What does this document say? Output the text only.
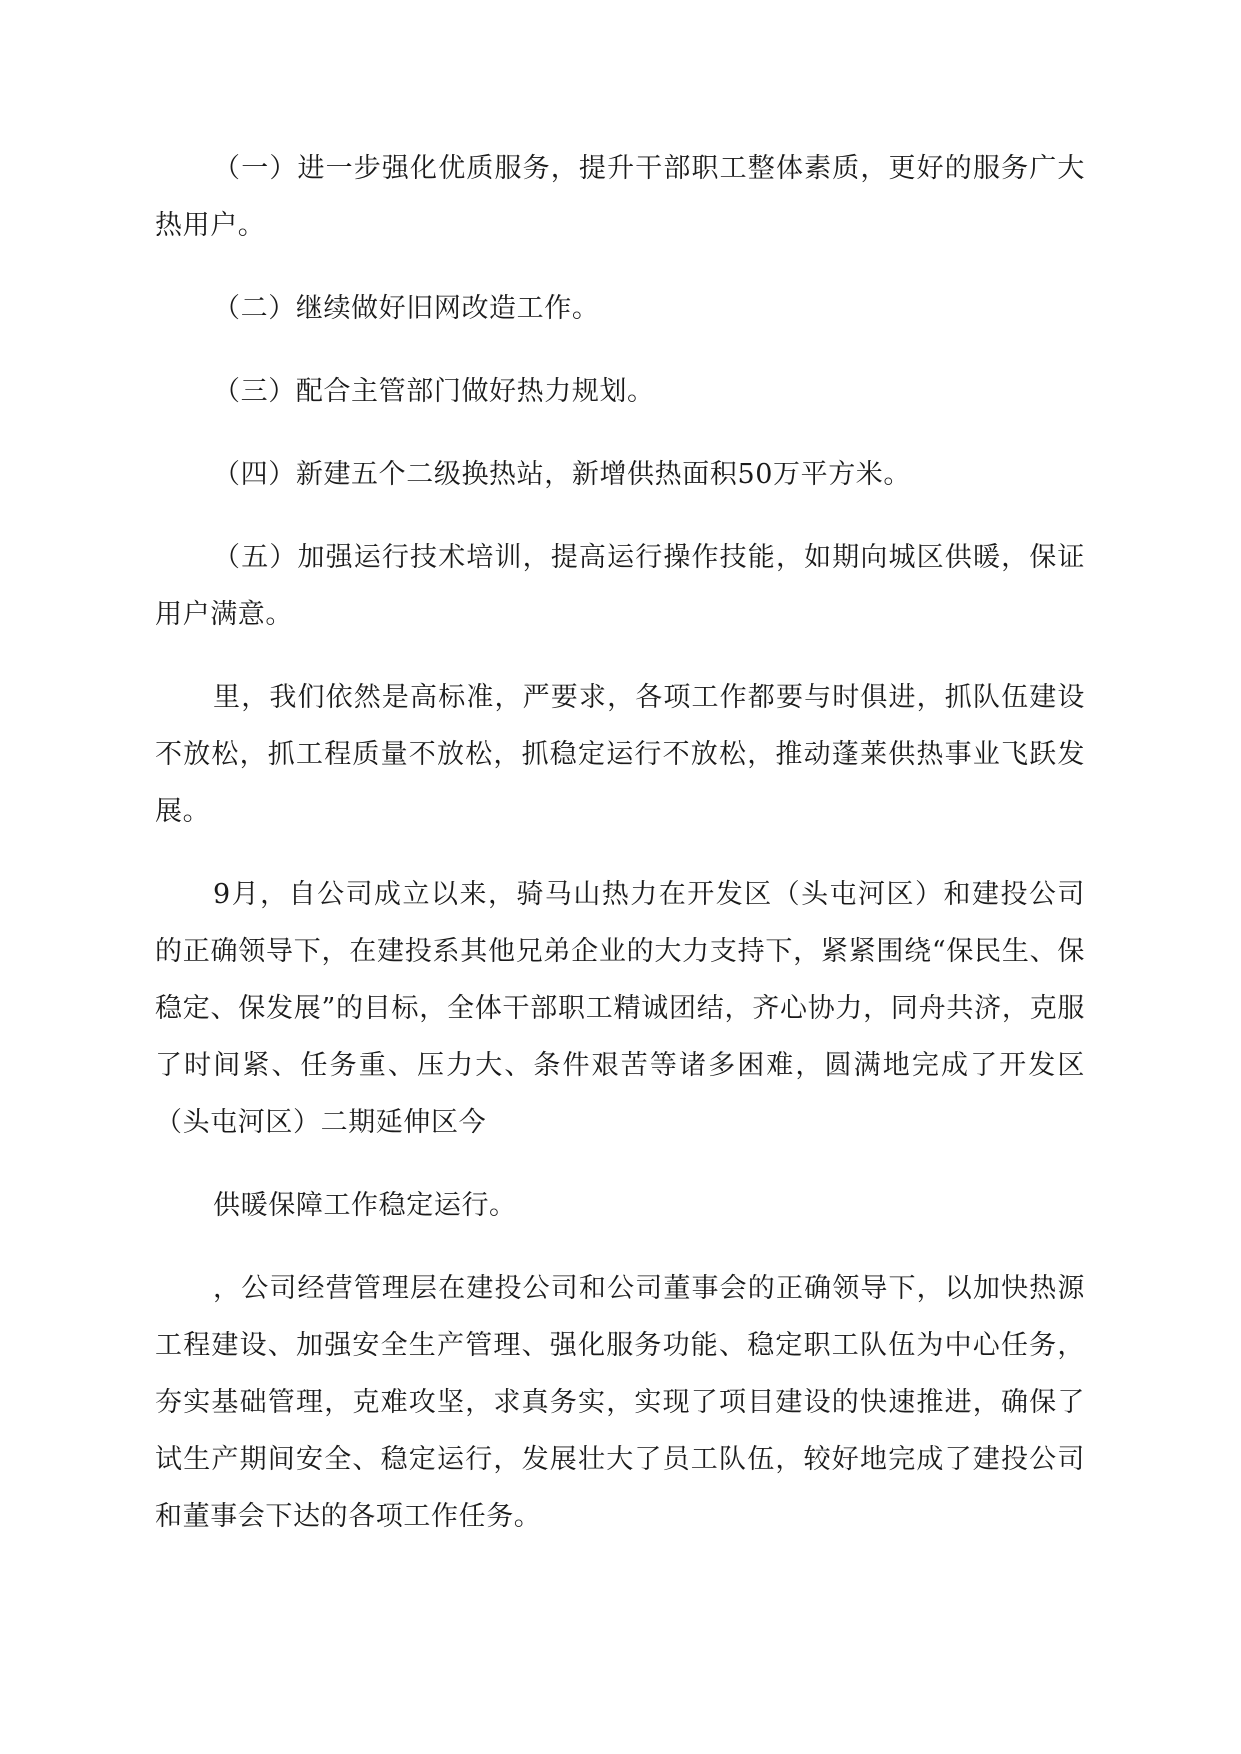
（一）进一步强化优质服务，提升干部职工整体素质，更好的服务广大热用户。

（二）继续做好旧网改造工作。

（三）配合主管部门做好热力规划。

（四）新建五个二级换热站，新增供热面积50万平方米。

（五）加强运行技术培训，提高运行操作技能，如期向城区供暖，保证用户满意。

里，我们依然是高标准，严要求，各项工作都要与时俱进，抓队伍建设不放松，抓工程质量不放松，抓稳定运行不放松，推动蓬莱供热事业飞跃发展。

9月，自公司成立以来，骑马山热力在开发区（头屯河区）和建投公司的正确领导下，在建投系其他兄弟企业的大力支持下，紧紧围绕“保民生、保稳定、保发展”的目标，全体干部职工精诚团结，齐心协力，同舟共济，克服了时间紧、任务重、压力大、条件艰苦等诸多困难，圆满地完成了开发区（头屯河区）二期延伸区今

供暖保障工作稳定运行。

，公司经营管理层在建投公司和公司董事会的正确领导下，以加快热源工程建设、加强安全生产管理、强化服务功能、稳定职工队伍为中心任务，夯实基础管理，克难攻坚，求真务实，实现了项目建设的快速推进，确保了试生产期间安全、稳定运行，发展壮大了员工队伍，较好地完成了建投公司和董事会下达的各项工作任务。
